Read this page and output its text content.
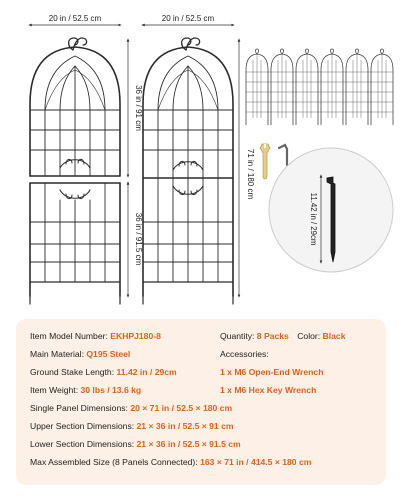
20 in / 52.5 cm	20 in / 52.5 cm
36 in / 91 cm
36 in / 91.5 cm
71 in / 180 cm
11.42 in / 29cm
Item Model Number: EKHPJ180-8	Quantity: 8 Packs Color: Black
Main Material: Q195 Steel	Accessories:
Ground Stake Length: 11.42 in / 29cm	1 x M6 Open-End Wrench
Item Weight: 30 lbs / 13.6 kg	1 x M6 Hex Key Wrench
Single Panel Dimensions: 20 × 71 in / 52.5 × 180 cm
Upper Section Dimensions: 21 × 36 in / 52.5 × 91 cm
Lower Section Dimensions: 21 × 36 in / 52.5 × 91.5 cm
Max Assembled Size (8 Panels Connected): 163 × 71 in / 414.5 × 180 cm
